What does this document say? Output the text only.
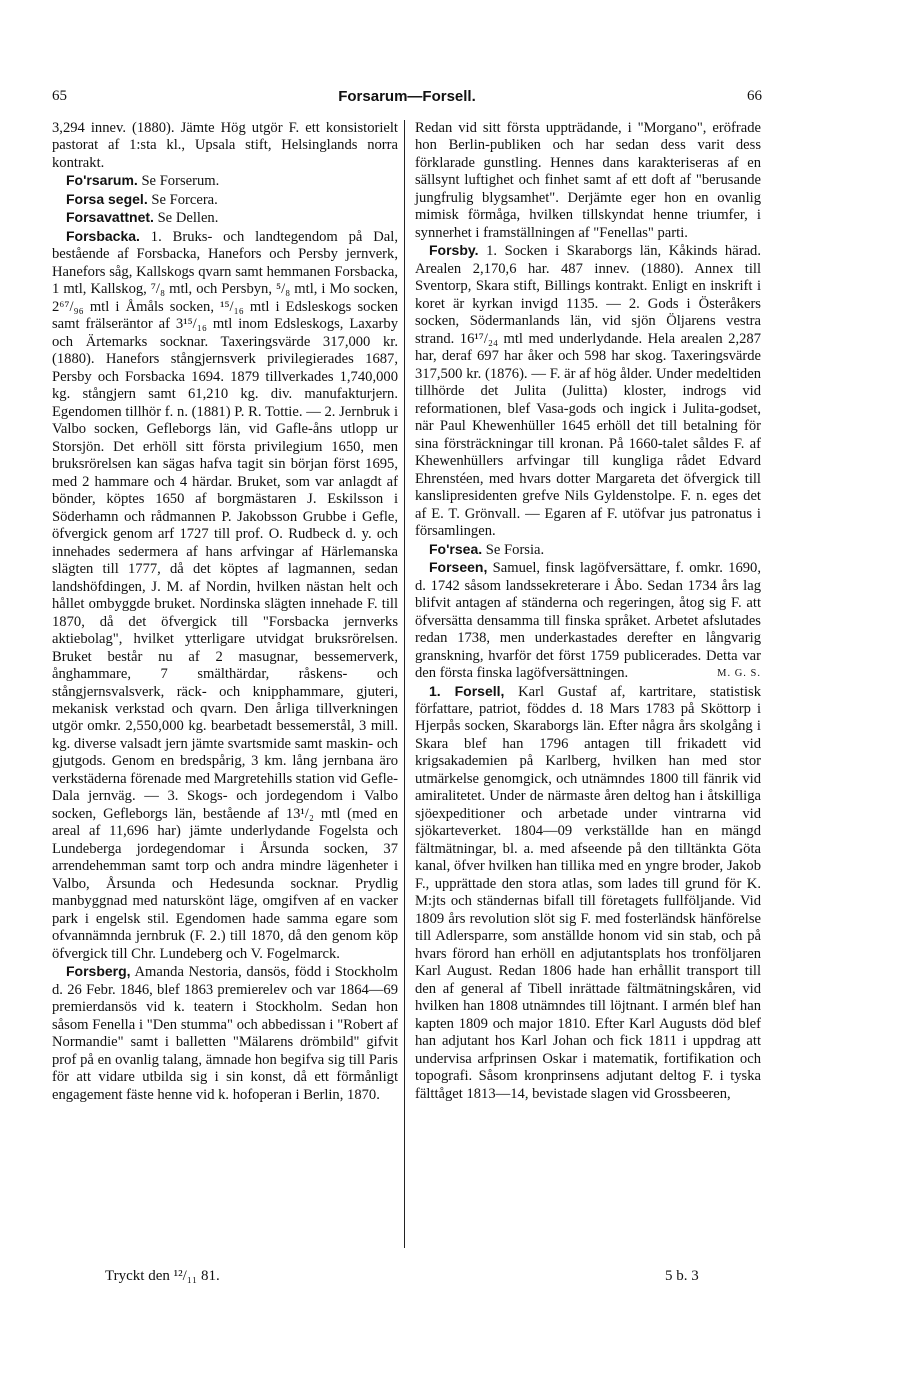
65	Forsarum—Forsell.	66

3,294 innev. (1880). Jämte Hög utgör F. ett konsistorielt pastorat af 1:sta kl., Upsala stift, Helsinglands norra kontrakt.

Fo'rsarum. Se Forserum.

Forsa segel. Se Forcera.

Forsavattnet. Se Dellen.

Forsbacka. 1. Bruks- och landtegendom på Dal, bestående af Forsbacka, Hanefors och Persby jernverk, Hanefors såg, Kallskogs qvarn samt hemmanen Forsbacka, 1 mtl, Kallskog, ⁷/₈ mtl, och Persbyn, ⁵/₈ mtl, i Mo socken, 2⁶⁷/₉₆ mtl i Åmåls socken, ¹⁵/₁₆ mtl i Edsleskogs socken samt frälseräntor af 3¹⁵/₁₆ mtl inom Edsleskogs, Laxarby och Ärtemarks socknar. Taxeringsvärde 317,000 kr. (1880). Hanefors stångjernsverk privilegierades 1687, Persby och Forsbacka 1694. 1879 tillverkades 1,740,000 kg. stångjern samt 61,210 kg. div. manufakturjern. Egendomen tillhör f. n. (1881) P. R. Tottie. — 2. Jernbruk i Valbo socken, Gefleborgs län, vid Gafle-åns utlopp ur Storsjön. Det erhöll sitt första privilegium 1650, men bruksrörelsen kan sägas hafva tagit sin början först 1695, med 2 hammare och 4 härdar. Bruket, som var anlagdt af bönder, köptes 1650 af borgmästaren J. Eskilsson i Söderhamn och rådmannen P. Jakobsson Grubbe i Gefle, öfvergick genom arf 1727 till prof. O. Rudbeck d. y. och innehades sedermera af hans arfvingar af Härlemanska slägten till 1777, då det köptes af lagmannen, sedan landshöfdingen, J. M. af Nordin, hvilken nästan helt och hållet ombyggde bruket. Nordinska slägten innehade F. till 1870, då det öfvergick till "Forsbacka jernverks aktiebolag", hvilket ytterligare utvidgat bruksrörelsen. Bruket består nu af 2 masugnar, bessemerverk, ånghammare, 7 smälthärdar, råskens- och stångjernsvalsverk, räck- och knipphammare, gjuteri, mekanisk verkstad och qvarn. Den årliga tillverkningen utgör omkr. 2,550,000 kg. bearbetadt bessemerstål, 3 mill. kg. diverse valsadt jern jämte svartsmide samt maskin- och gjutgods. Genom en bredspårig, 3 km. lång jernbana äro verkstäderna förenade med Margretehills station vid Gefle-Dala jernväg. — 3. Skogs- och jordegendom i Valbo socken, Gefleborgs län, bestående af 13¹/₂ mtl (med en areal af 11,696 har) jämte underlydande Fogelsta och Lundeberga jordegendomar i Årsunda socken, 37 arrendehemman samt torp och andra mindre lägenheter i Valbo, Årsunda och Hedesunda socknar. Prydlig manbyggnad med naturskönt läge, omgifven af en vacker park i engelsk stil. Egendomen hade samma egare som ofvannämnda jernbruk (F. 2.) till 1870, då den genom köp öfvergick till Chr. Lundeberg och V. Fogelmarck.

Forsberg, Amanda Nestoria, dansös, född i Stockholm d. 26 Febr. 1846, blef 1863 premierelev och var 1864—69 premierdansös vid k. teatern i Stockholm. Sedan hon såsom Fenella i "Den stumma" och abbedissan i "Robert af Normandie" samt i balletten "Mälarens drömbild" gifvit prof på en ovanlig talang, ämnade hon begifva sig till Paris för att vidare utbilda sig i sin konst, då ett förmånligt engagement fäste henne vid k. hofoperan i Berlin, 1870.

Redan vid sitt första uppträdande, i "Morgano", eröfrade hon Berlin-publiken och har sedan dess varit dess förklarade gunstling. Hennes dans karakteriseras af en sällsynt luftighet och finhet samt af ett doft af "berusande jungfrulig blygsamhet". Derjämte eger hon en ovanlig mimisk förmåga, hvilken tillskyndat henne triumfer, i synnerhet i framställningen af "Fenellas" parti.

Forsby. 1. Socken i Skaraborgs län, Kåkinds härad. Arealen 2,170,6 har. 487 innev. (1880). Annex till Sventorp, Skara stift, Billings kontrakt. Enligt en inskrift i koret är kyrkan invigd 1135. — 2. Gods i Österåkers socken, Södermanlands län, vid sjön Öljarens vestra strand. 16¹⁷/₂₄ mtl med underlydande. Hela arealen 2,287 har, deraf 697 har åker och 598 har skog. Taxeringsvärde 317,500 kr. (1876). — F. är af hög ålder. Under medeltiden tillhörde det Julita (Julitta) kloster, indrogs vid reformationen, blef Vasa-gods och ingick i Julita-godset, när Paul Khewenhüller 1645 erhöll det till betalning för sina försträckningar till kronan. På 1660-talet såldes F. af Khewenhüllers arfvingar till kungliga rådet Edvard Ehrenstéen, med hvars dotter Margareta det öfvergick till kanslipresidenten grefve Nils Gyldenstolpe. F. n. eges det af E. T. Grönvall. — Egaren af F. utöfvar jus patronatus i församlingen.

Fo'rsea. Se Forsia.

Forseen, Samuel, finsk lagöfversättare, f. omkr. 1690, d. 1742 såsom landssekreterare i Åbo. Sedan 1734 års lag blifvit antagen af ständerna och regeringen, åtog sig F. att öfversätta densamma till finska språket. Arbetet afslutades redan 1738, men underkastades derefter en långvarig granskning, hvarför det först 1759 publicerades. Detta var den första finska lagöfversättningen.	M. G. S.

1. Forsell, Karl Gustaf af, kartritare, statistisk författare, patriot, föddes d. 18 Mars 1783 på Sköttorp i Hjerpås socken, Skaraborgs län. Efter några års skolgång i Skara blef han 1796 antagen till frikadett vid krigsakademien på Karlberg, hvilken han med stor utmärkelse genomgick, och utnämndes 1800 till fänrik vid amiralitetet. Under de närmaste åren deltog han i åtskilliga sjöexpeditioner och arbetade under vintrarna vid sjökarteverket. 1804—09 verkställde han en mängd fältmätningar, bl. a. med afseende på den tilltänkta Göta kanal, öfver hvilken han tillika med en yngre broder, Jakob F., upprättade den stora atlas, som lades till grund för K. M:jts och ständernas bifall till företagets fullföljande. Vid 1809 års revolution slöt sig F. med fosterländsk hänförelse till Adlersparre, som anställde honom vid sin stab, och på hvars förord han erhöll en adjutantsplats hos tronföljaren Karl August. Redan 1806 hade han erhållit transport till den af general af Tibell inrättade fältmätningskåren, vid hvilken han 1808 utnämndes till löjtnant. I armén blef han kapten 1809 och major 1810. Efter Karl Augusts död blef han adjutant hos Karl Johan och fick 1811 i uppdrag att undervisa arfprinsen Oskar i matematik, fortifikation och topografi. Såsom kronprinsens adjutant deltog F. i tyska fälttåget 1813—14, bevistade slagen vid Grossbeeren,

Tryckt den ¹²/₁₁ 81.	5 b. 3
